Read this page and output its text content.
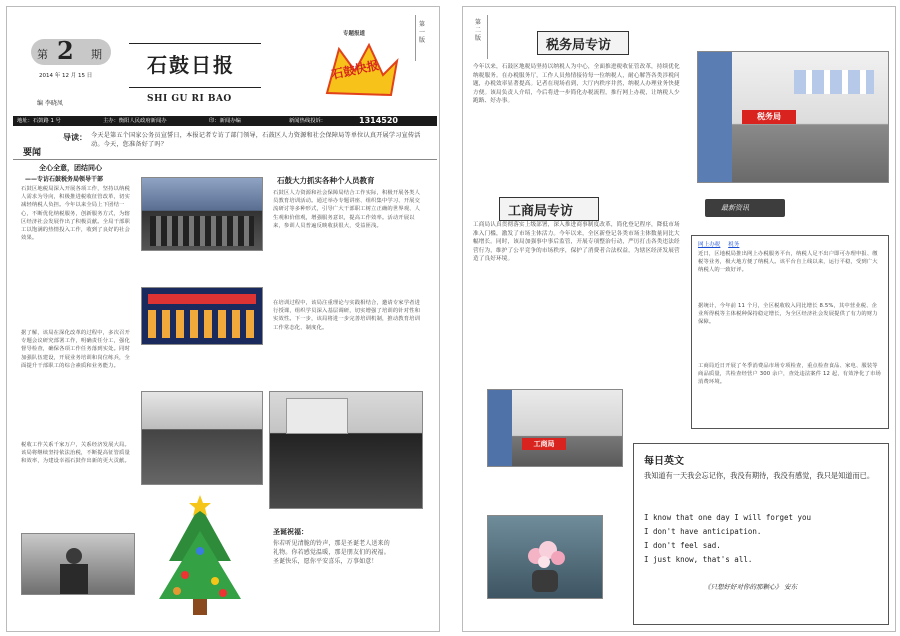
第 2 期
2014 年 12 月 15 日
编 李晓凤
石鼓日报
SHI GU RI BAO
专题报道
石鼓快报
第一版
地址：石鼓路 1 号	主办：衡阳人民政府新闻办	印：新闻办编	新闻热线投诉：	1314520
导读： 今天是第五个国家公务员宣誓日，本报记者专访了部门领导，石鼓区人力资源和社会保障局等单位认真开展学习宣传活动。今天，您准备好了吗？
要闻
全心全意，团结同心
——专访石鼓税务局领导干部
石鼓区地税局深入开展各项工作，坚持以纳税人需求为导向，积极推进税收征管改革，切实减轻纳税人负担。今年以来全局上下团结一心，不断优化纳税服务，创新服务方式，为辖区经济社会发展作出了积极贡献。全局干部职工以饱满的热情投入工作，收到了良好的社会效果。
据了解，该局在深化改革的过程中，多次召开专题会议研究部署工作，明确责任分工，强化督导检查，确保各项工作任务落到实处。同时加强队伍建设，开展业务培训和岗位练兵，全面提升干部职工的综合素质和业务能力。
税收工作关系千家万户，关系经济发展大局。该局将继续坚持依法治税，不断提高征管质量和效率，为建设幸福石鼓作出新的更大贡献。
石鼓大力抓实各种个人员教育
石鼓区人力资源和社会保障局结合工作实际，积极开展各类人员教育培训活动。通过举办专题讲座、组织集中学习、开展交流研讨等多种形式，引导广大干部职工树立正确的世界观、人生观和价值观，增强服务意识，提高工作效率。活动开展以来，参训人员普遍反映收获很大，受益匪浅。
在培训过程中，该局注重理论与实践相结合，邀请专家学者进行授课，组织学员深入基层调研，切实增强了培训的针对性和实效性。下一步，该局将进一步完善培训机制，推动教育培训工作常态化、制度化。
圣诞祝福：
你若听见清脆的铃声，那是圣诞老人送来的礼物。你若感觉温暖，那是朋友们的祝福。圣诞快乐，愿你平安喜乐，万事如意！
第二版	税务局专访
今年以来，石鼓区地税局坚持以纳税人为中心，全面推进税收征管改革，持续优化纳税服务。在办税服务厅，工作人员热情接待每一位纳税人，耐心解答各类涉税问题，办税效率显著提高。记者在现场看到，大厅内秩序井然，纳税人办理业务快捷方便。该局负责人介绍，今后将进一步简化办税流程，推行网上办税，让纳税人少跑路、好办事。
税务局
工商局专访
工商局认真贯彻落实上级部署，深入推进商事制度改革，简化登记程序，降低市场准入门槛，激发了市场主体活力。今年以来，全区新登记各类市场主体数量同比大幅增长。同时，该局加强事中事后监管，开展专项整治行动，严厉打击各类违法经营行为，维护了公平竞争的市场秩序，保护了消费者合法权益，为辖区经济发展营造了良好环境。
最新资讯
网上办税 税务
近日，区地税局推出网上办税服务平台，纳税人足不出户即可办理申报、缴税等业务，极大地方便了纳税人。该平台自上线以来，运行平稳，受到广大纳税人的一致好评。
据统计，今年前 11 个月，全区税收收入同比增长 8.5%，其中营业税、企业所得税等主体税种保持稳定增长，为全区经济社会发展提供了有力的财力保障。
工商局近日开展了冬季消费品市场专项检查，重点检查食品、家电、服装等商品质量，共检查经营户 300 余户，查处违法案件 12 起，有效净化了市场消费环境。
工商局
每日英文
我知道有一天我会忘记你，我没有期待，我没有感觉，我只是知道而已。
I know that one day I will forget you
I don't have anticipation.
I don't feel sad.
I just know, that's all.
《只想好好对你的那颗心》 安东
